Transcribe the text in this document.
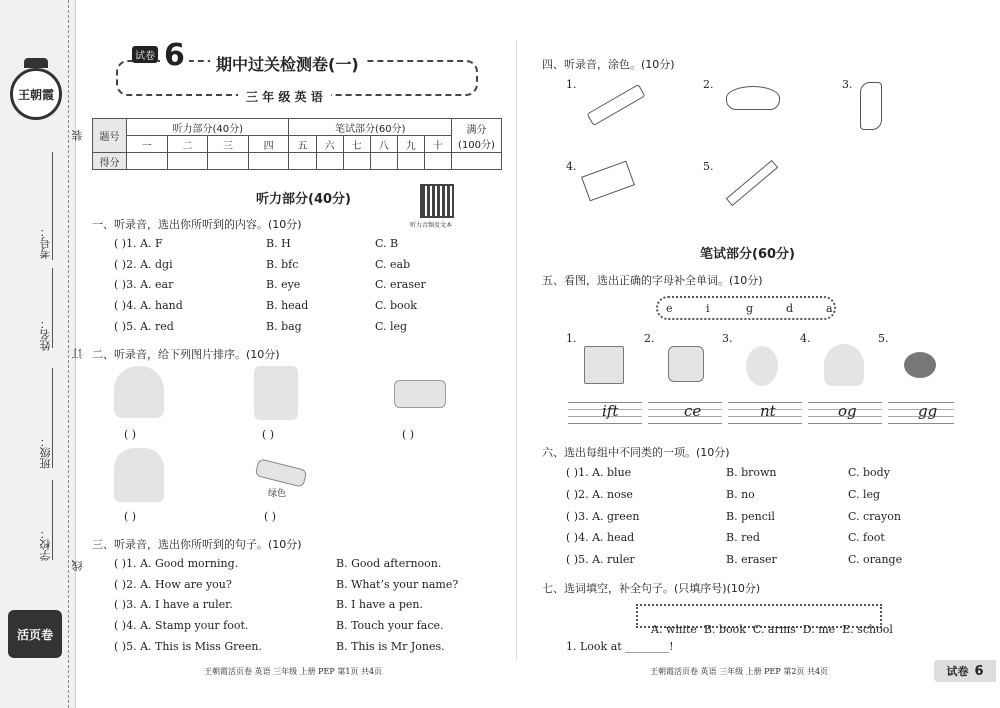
王朝霞
装
订
线
考号：
姓名：
班级：
学校：
活页卷
试卷 6	期中过关检测卷(一)
三 年 级 英 语
题号	听力部分(40分)				笔试部分(60分)						满分
(100分)

	一	二	三	四	五	六	七	八	九	十	
得分											
听力部分(40分)
听力音频及文本
一、听录音，选出你所听到的内容。(10分)
( )1. A. F	B. H	C. B
( )2. A. dgi	B. bfc	C. eab
( )3. A. ear	B. eye	C. eraser
( )4. A. hand	B. head	C. book
( )5. A. red	B. bag	C. leg
二、听录音，给下列图片排序。(10分)
( )	( )	( )
绿色
( )	( )
三、听录音，选出你所听到的句子。(10分)
( )1. A. Good morning.	B. Good afternoon.
( )2. A. How are you?	B. What’s your name?
( )3. A. I have a ruler.	B. I have a pen.
( )4. A. Stamp your foot.	B. Touch your face.
( )5. A. This is Miss Green.	B. This is Mr Jones.
王朝霞活页卷 英语 三年级 上册 PEP 第1页 共4页
四、听录音，涂色。(10分)
1.	2.	3.
4.	5.
笔试部分(60分)
五、看图，选出正确的字母补全单词。(10分)
e	i	g	d	a
1.	2.	3.	4.	5.
ift	ce	nt	og	gg
六、选出每组中不同类的一项。(10分)
( )1. A. blue	B. brown	C. body
( )2. A. nose	B. no	C. leg
( )3. A. green	B. pencil	C. crayon
( )4. A. head	B. red	C. foot
( )5. A. ruler	B. eraser	C. orange
七、选词填空，补全句子。(只填序号)(10分)

A. white  B. book  C. arms  D. me  E. school

1. Look at ________!
王朝霞活页卷 英语 三年级 上册 PEP 第2页 共4页	试卷 6
